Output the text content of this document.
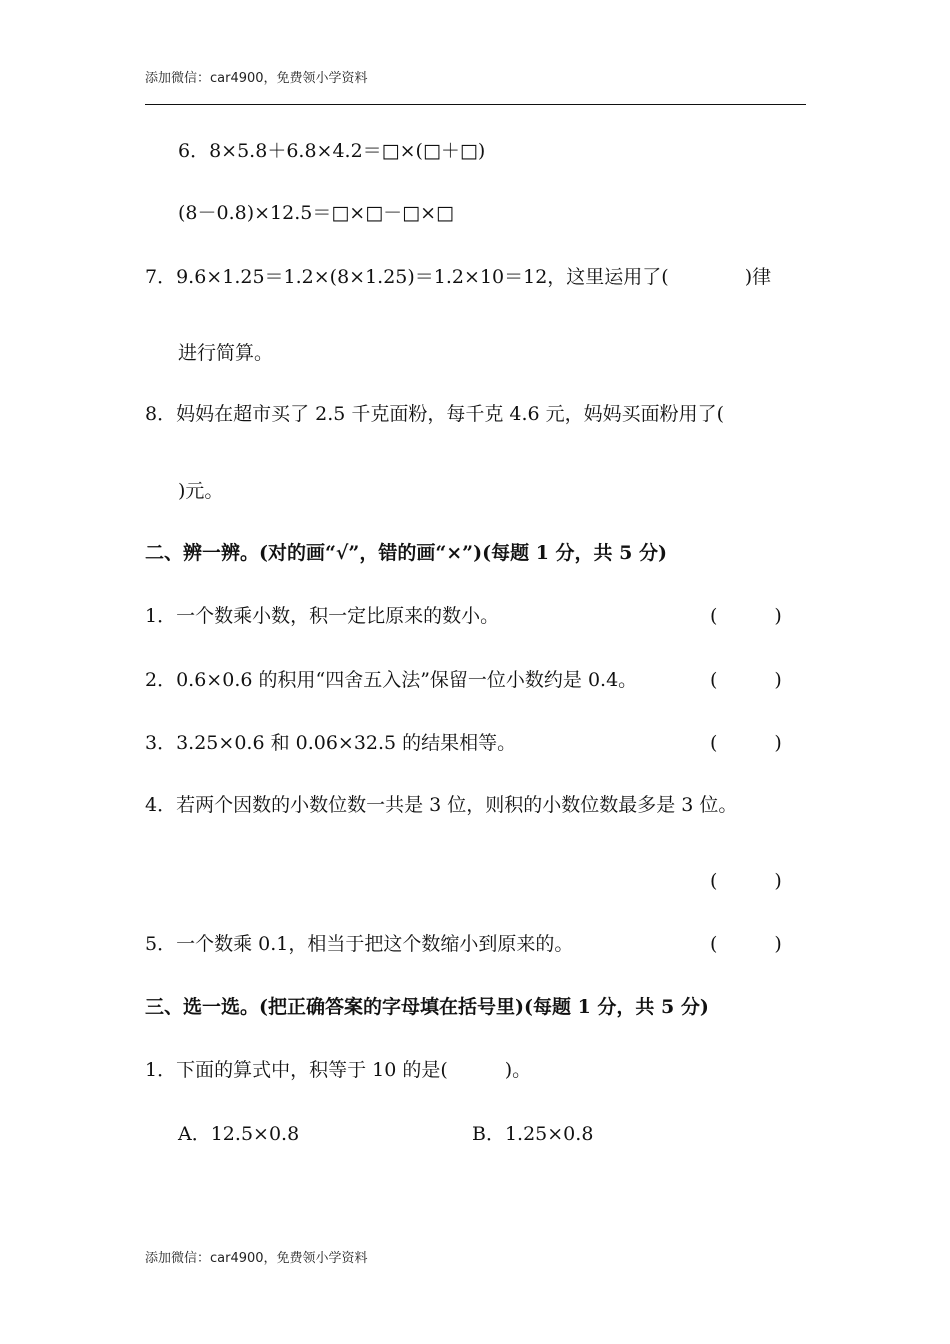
添加微信：car4900，免费领小学资料
6．8×5.8＋6.8×4.2＝□×(□＋□)
(8－0.8)×12.5＝□×□－□×□
7．9.6×1.25＝1.2×(8×1.25)＝1.2×10＝12，这里运用了(　　　　)律
进行简算。
8．妈妈在超市买了 2.5 千克面粉，每千克 4.6 元，妈妈买面粉用了(
)元。
二、辨一辨。(对的画“√”，错的画“×”)(每题 1 分，共 5 分)
1．一个数乘小数，积一定比原来的数小。	(　　　)
2．0.6×0.6 的积用“四舍五入法”保留一位小数约是 0.4。	(　　　)
3．3.25×0.6 和 0.06×32.5 的结果相等。	(　　　)
4．若两个因数的小数位数一共是 3 位，则积的小数位数最多是 3 位。
(　　　)
5．一个数乘 0.1，相当于把这个数缩小到原来的。	(　　　)
三、选一选。(把正确答案的字母填在括号里)(每题 1 分，共 5 分)
1．下面的算式中，积等于 10 的是(　　　)。
A．12.5×0.8	B．1.25×0.8
添加微信：car4900，免费领小学资料
